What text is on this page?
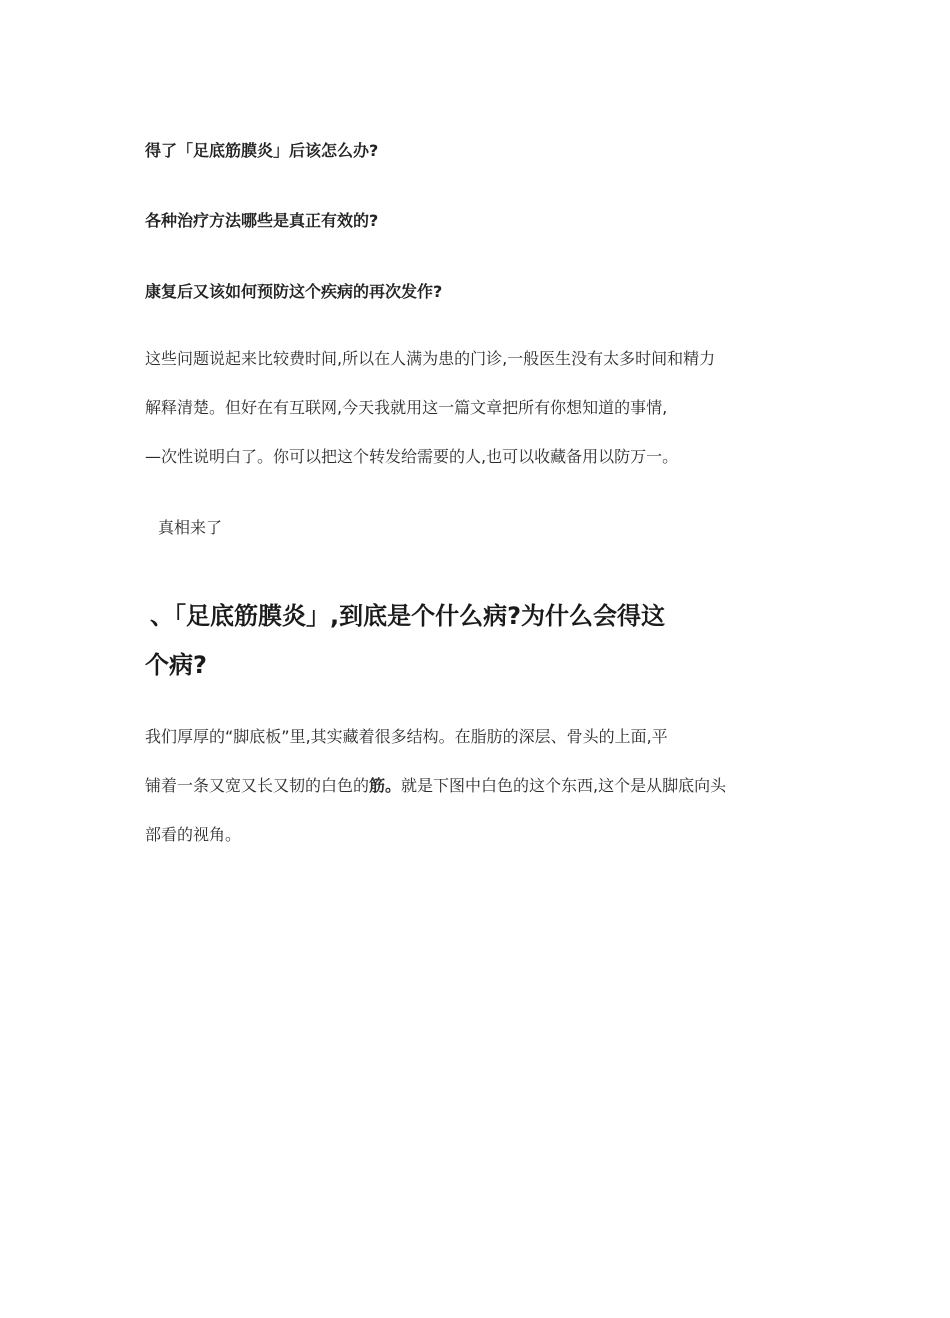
得了「足底筋膜炎」后该怎么办?
各种治疗方法哪些是真正有效的?
康复后又该如何预防这个疾病的再次发作?
这些问题说起来比较费时间,所以在人满为患的门诊,一般医生没有太多时间和精力
解释清楚。但好在有互联网,今天我就用这一篇文章把所有你想知道的事情,
—次性说明白了。你可以把这个转发给需要的人,也可以收藏备用以防万一。
真相来了
、「足底筋膜炎」,到底是个什么病?为什么会得这
个病?
我们厚厚的“脚底板”里,其实藏着很多结构。在脂肪的深层、骨头的上面,平
铺着一条又宽又长又韧的白色的筋。就是下图中白色的这个东西,这个是从脚底向头
部看的视角。
